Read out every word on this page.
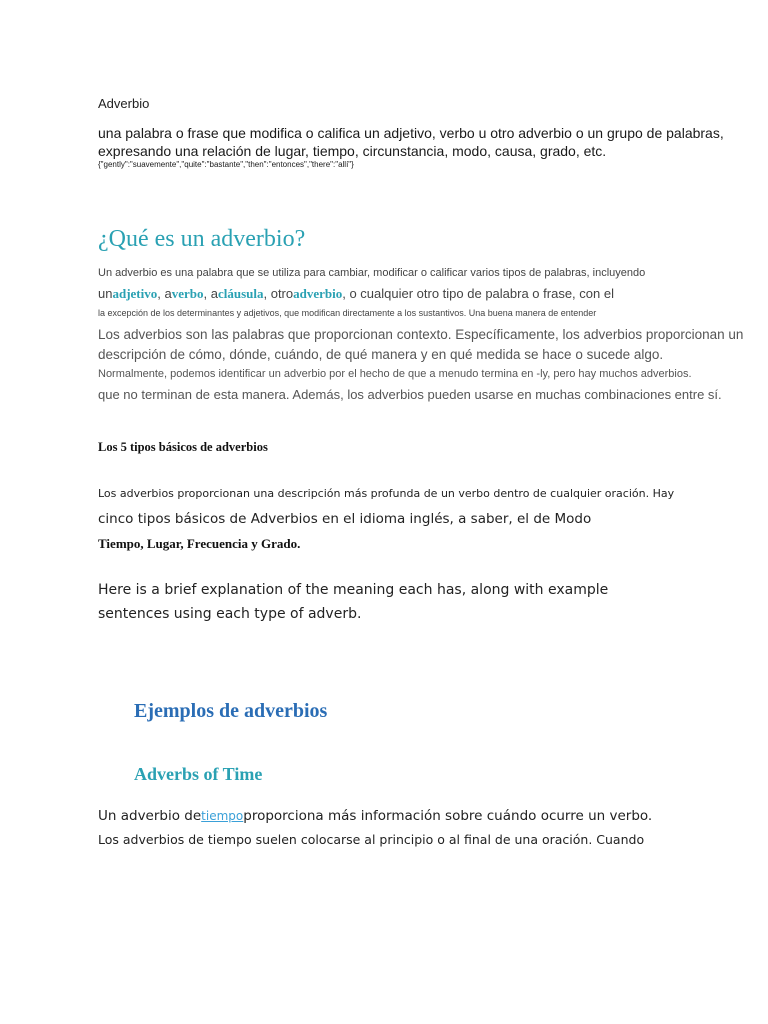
Adverbio
una palabra o frase que modifica o califica un adjetivo, verbo u otro adverbio o un grupo de palabras,
expresando una relación de lugar, tiempo, circunstancia, modo, causa, grado, etc.
{"gently":"suavemente","quite":"bastante","then":"entonces","there":"allí"}
¿Qué es un adverbio?
Un adverbio es una palabra que se utiliza para cambiar, modificar o calificar varios tipos de palabras, incluyendo
unadjetivo, averbo, acláusula, otroadverbio, o cualquier otro tipo de palabra o frase, con el
la excepción de los determinantes y adjetivos, que modifican directamente a los sustantivos. Una buena manera de entender
Los adverbios son las palabras que proporcionan contexto. Específicamente, los adverbios proporcionan un
descripción de cómo, dónde, cuándo, de qué manera y en qué medida se hace o sucede algo.
Normalmente, podemos identificar un adverbio por el hecho de que a menudo termina en -ly, pero hay muchos adverbios.
que no terminan de esta manera. Además, los adverbios pueden usarse en muchas combinaciones entre sí.
Los 5 tipos básicos de adverbios
Los adverbios proporcionan una descripción más profunda de un verbo dentro de cualquier oración. Hay
cinco tipos básicos de Adverbios en el idioma inglés, a saber, el de Modo
Tiempo, Lugar, Frecuencia y Grado.
Here is a brief explanation of the meaning each has, along with example
sentences using each type of adverb.
Ejemplos de adverbios
Adverbs of Time
Un adverbio detiempoproporciona más información sobre cuándo ocurre un verbo.
Los adverbios de tiempo suelen colocarse al principio o al final de una oración. Cuando
